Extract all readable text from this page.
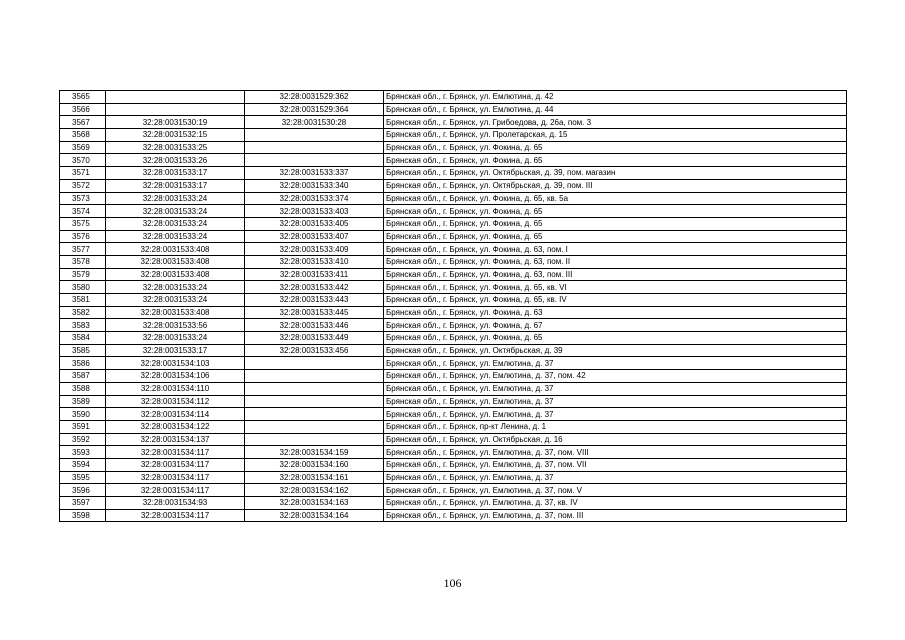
3565		32:28:0031529:362	Брянская обл., г. Брянск, ул. Емлютина, д. 42
3566		32:28:0031529:364	Брянская обл., г. Брянск, ул. Емлютина, д. 44
3567	32:28:0031530:19	32:28:0031530:28	Брянская обл., г. Брянск, ул. Грибоедова, д. 26а, пом. 3
3568	32:28:0031532:15		Брянская обл., г. Брянск, ул. Пролетарская, д. 15
3569	32:28:0031533:25		Брянская обл., г. Брянск, ул. Фокина, д. 65
3570	32:28:0031533:26		Брянская обл., г. Брянск, ул. Фокина, д. 65
3571	32:28:0031533:17	32:28:0031533:337	Брянская обл., г. Брянск, ул. Октябрьская, д. 39, пом. магазин
3572	32:28:0031533:17	32:28:0031533:340	Брянская обл., г. Брянск, ул. Октябрьская, д. 39, пом. III
3573	32:28:0031533:24	32:28:0031533:374	Брянская обл., г. Брянск, ул. Фокина, д. 65, кв. 5а
3574	32:28:0031533:24	32:28:0031533:403	Брянская обл., г. Брянск, ул. Фокина, д. 65
3575	32:28:0031533:24	32:28:0031533:405	Брянская обл., г. Брянск, ул. Фокина, д. 65
3576	32:28:0031533:24	32:28:0031533:407	Брянская обл., г. Брянск, ул. Фокина, д. 65
3577	32:28:0031533:408	32:28:0031533:409	Брянская обл., г. Брянск, ул. Фокина, д. 63, пом. I
3578	32:28:0031533:408	32:28:0031533:410	Брянская обл., г. Брянск, ул. Фокина, д. 63, пом. II
3579	32:28:0031533:408	32:28:0031533:411	Брянская обл., г. Брянск, ул. Фокина, д. 63, пом. III
3580	32:28:0031533:24	32:28:0031533:442	Брянская обл., г. Брянск, ул. Фокина, д. 65, кв. VI
3581	32:28:0031533:24	32:28:0031533:443	Брянская обл., г. Брянск, ул. Фокина, д. 65, кв. IV
3582	32:28:0031533:408	32:28:0031533:445	Брянская обл., г. Брянск, ул. Фокина, д. 63
3583	32:28:0031533:56	32:28:0031533:446	Брянская обл., г. Брянск, ул. Фокина, д. 67
3584	32:28:0031533:24	32:28:0031533:449	Брянская обл., г. Брянск, ул. Фокина, д. 65
3585	32:28:0031533:17	32:28:0031533:456	Брянская обл., г. Брянск, ул. Октябрьская, д. 39
3586	32:28:0031534:103		Брянская обл., г. Брянск, ул. Емлютина, д. 37
3587	32:28:0031534:106		Брянская обл., г. Брянск, ул. Емлютина, д. 37, пом. 42
3588	32:28:0031534:110		Брянская обл., г. Брянск, ул. Емлютина, д. 37
3589	32:28:0031534:112		Брянская обл., г. Брянск, ул. Емлютина, д. 37
3590	32:28:0031534:114		Брянская обл., г. Брянск, ул. Емлютина, д. 37
3591	32:28:0031534:122		Брянская обл., г. Брянск, пр-кт Ленина, д. 1
3592	32:28:0031534:137		Брянская обл., г. Брянск, ул. Октябрьская, д. 16
3593	32:28:0031534:117	32:28:0031534:159	Брянская обл., г. Брянск, ул. Емлютина, д. 37, пом. VIII
3594	32:28:0031534:117	32:28:0031534:160	Брянская обл., г. Брянск, ул. Емлютина, д. 37, пом. VII
3595	32:28:0031534:117	32:28:0031534:161	Брянская обл., г. Брянск, ул. Емлютина, д. 37
3596	32:28:0031534:117	32:28:0031534:162	Брянская обл., г. Брянск, ул. Емлютина, д. 37, пом. V
3597	32:28:0031534:93	32:28:0031534:163	Брянская обл., г. Брянск, ул. Емлютина, д. 37, кв. IV
3598	32:28:0031534:117	32:28:0031534:164	Брянская обл., г. Брянск, ул. Емлютина, д. 37, пом. III
106
